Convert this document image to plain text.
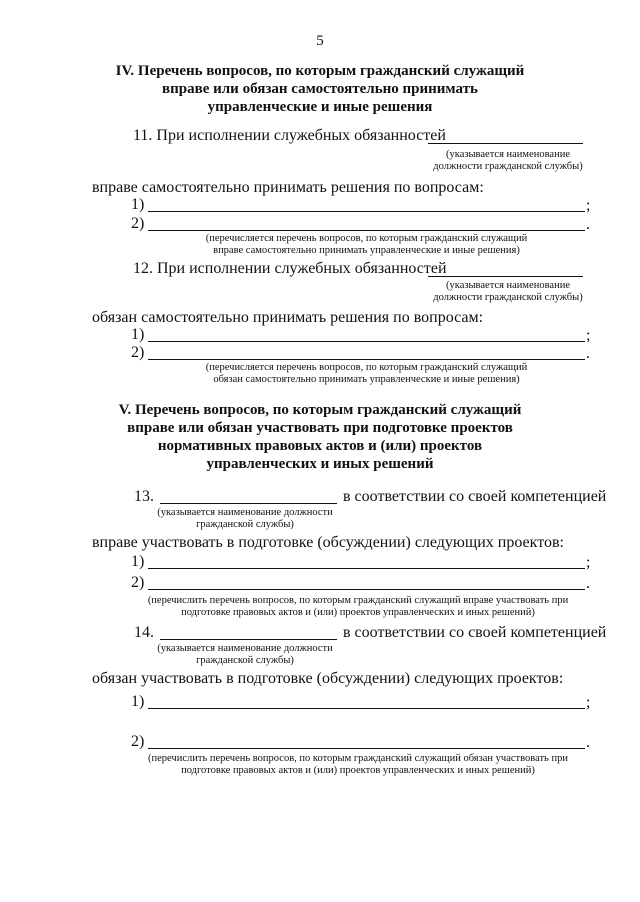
5
IV. Перечень вопросов, по которым гражданский служащий
вправе или обязан самостоятельно принимать
управленческие и иные решения
11. При исполнении служебных обязанностей
(указывается наименование
должности гражданской службы)
вправе самостоятельно принимать решения по вопросам:
1)	;
2)	.
(перечисляется перечень вопросов, по которым гражданский служащий
вправе самостоятельно принимать управленческие и иные решения)
12. При исполнении служебных обязанностей
(указывается наименование
должности гражданской службы)
обязан самостоятельно принимать решения по вопросам:
1)	;
2)	.
(перечисляется перечень вопросов, по которым гражданский служащий
обязан самостоятельно принимать управленческие и иные решения)
V. Перечень вопросов, по которым гражданский служащий
вправе или обязан участвовать при подготовке проектов
нормативных правовых актов и (или) проектов
управленческих и иных решений
13.	в соответствии со своей компетенцией
(указывается наименование должности
гражданской службы)
вправе участвовать в подготовке (обсуждении) следующих проектов:
1)	;
2)	.
(перечислить перечень вопросов, по которым гражданский служащий вправе участвовать при
подготовке правовых актов и (или) проектов управленческих и иных решений)
14.	в соответствии со своей компетенцией
(указывается наименование должности
гражданской службы)
обязан участвовать в подготовке (обсуждении) следующих проектов:
1)	;
2)	.
(перечислить перечень вопросов, по которым гражданский служащий обязан участвовать при
подготовке правовых актов и (или) проектов управленческих и иных решений)
